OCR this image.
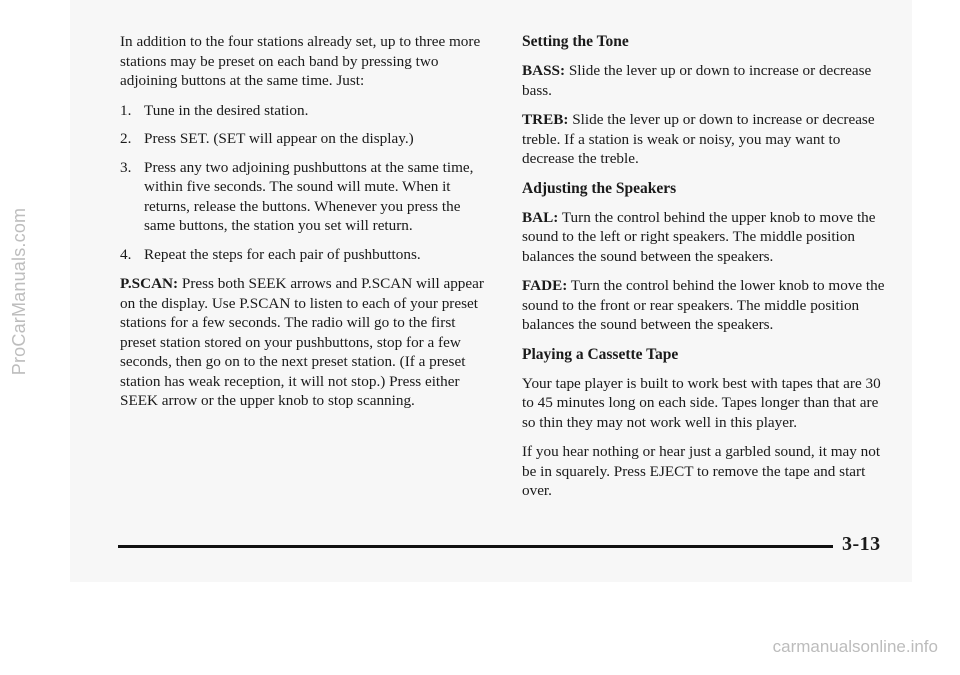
ProCarManuals.com

In addition to the four stations already set, up to three more stations may be preset on each band by pressing two adjoining buttons at the same time. Just:

1. Tune in the desired station.
2. Press SET. (SET will appear on the display.)
3. Press any two adjoining pushbuttons at the same time, within five seconds. The sound will mute. When it returns, release the buttons. Whenever you press the same buttons, the station you set will return.
4. Repeat the steps for each pair of pushbuttons.

P.SCAN: Press both SEEK arrows and P.SCAN will appear on the display. Use P.SCAN to listen to each of your preset stations for a few seconds. The radio will go to the first preset station stored on your pushbuttons, stop for a few seconds, then go on to the next preset station. (If a preset station has weak reception, it will not stop.) Press either SEEK arrow or the upper knob to stop scanning.

Setting the Tone

BASS: Slide the lever up or down to increase or decrease bass.

TREB: Slide the lever up or down to increase or decrease treble. If a station is weak or noisy, you may want to decrease the treble.

Adjusting the Speakers

BAL: Turn the control behind the upper knob to move the sound to the left or right speakers. The middle position balances the sound between the speakers.

FADE: Turn the control behind the lower knob to move the sound to the front or rear speakers. The middle position balances the sound between the speakers.

Playing a Cassette Tape

Your tape player is built to work best with tapes that are 30 to 45 minutes long on each side. Tapes longer than that are so thin they may not work well in this player.

If you hear nothing or hear just a garbled sound, it may not be in squarely. Press EJECT to remove the tape and start over.

3-13
carmanualsonline.info
